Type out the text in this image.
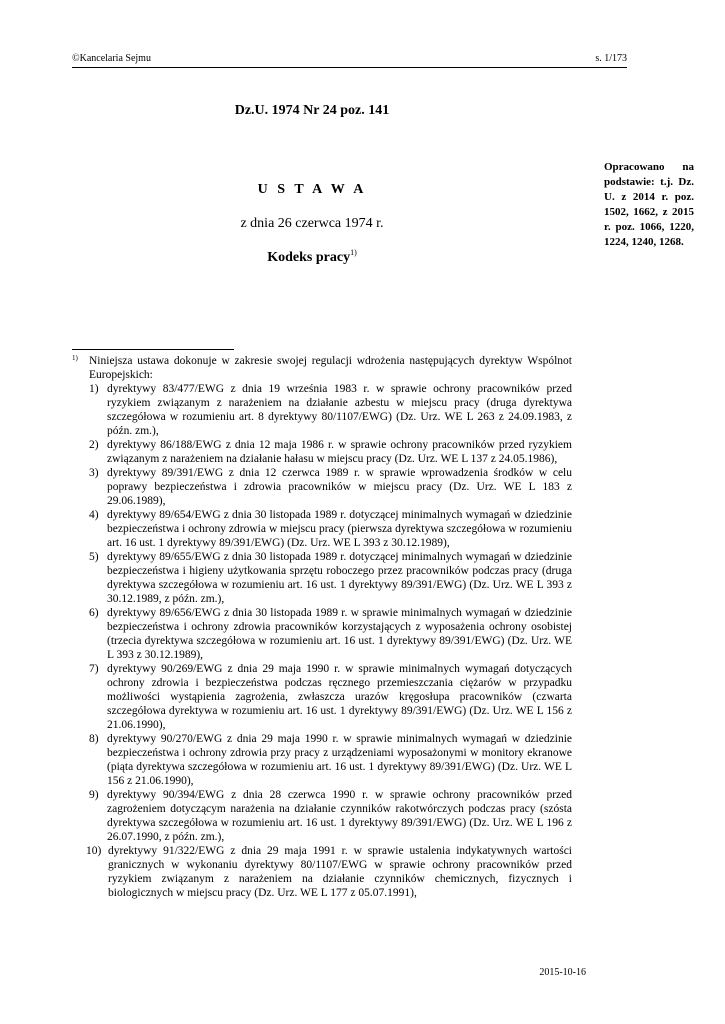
©Kancelaria Sejmu	s. 1/173
Dz.U. 1974 Nr 24 poz. 141
Opracowano na podstawie: t.j. Dz. U. z 2014 r. poz. 1502, 1662, z 2015 r. poz. 1066, 1220, 1224, 1240, 1268.
U S T A W A
z dnia 26 czerwca 1974 r.
Kodeks pracy$^{1)}$
1) Niniejsza ustawa dokonuje w zakresie swojej regulacji wdrożenia następujących dyrektyw Wspólnot Europejskich:
1) dyrektywy 83/477/EWG z dnia 19 września 1983 r. w sprawie ochrony pracowników przed ryzykiem związanym z narażeniem na działanie azbestu w miejscu pracy (druga dyrektywa szczegółowa w rozumieniu art. 8 dyrektywy 80/1107/EWG) (Dz. Urz. WE L 263 z 24.09.1983, z późn. zm.),
2) dyrektywy 86/188/EWG z dnia 12 maja 1986 r. w sprawie ochrony pracowników przed ryzykiem związanym z narażeniem na działanie hałasu w miejscu pracy (Dz. Urz. WE L 137 z 24.05.1986),
3) dyrektywy 89/391/EWG z dnia 12 czerwca 1989 r. w sprawie wprowadzenia środków w celu poprawy bezpieczeństwa i zdrowia pracowników w miejscu pracy (Dz. Urz. WE L 183 z 29.06.1989),
4) dyrektywy 89/654/EWG z dnia 30 listopada 1989 r. dotyczącej minimalnych wymagań w dziedzinie bezpieczeństwa i ochrony zdrowia w miejscu pracy (pierwsza dyrektywa szczegółowa w rozumieniu art. 16 ust. 1 dyrektywy 89/391/EWG) (Dz. Urz. WE L 393 z 30.12.1989),
5) dyrektywy 89/655/EWG z dnia 30 listopada 1989 r. dotyczącej minimalnych wymagań w dziedzinie bezpieczeństwa i higieny użytkowania sprzętu roboczego przez pracowników podczas pracy (druga dyrektywa szczegółowa w rozumieniu art. 16 ust. 1 dyrektywy 89/391/EWG) (Dz. Urz. WE L 393 z 30.12.1989, z późn. zm.),
6) dyrektywy 89/656/EWG z dnia 30 listopada 1989 r. w sprawie minimalnych wymagań w dziedzinie bezpieczeństwa i ochrony zdrowia pracowników korzystających z wyposażenia ochrony osobistej (trzecia dyrektywa szczegółowa w rozumieniu art. 16 ust. 1 dyrektywy 89/391/EWG) (Dz. Urz. WE L 393 z 30.12.1989),
7) dyrektywy 90/269/EWG z dnia 29 maja 1990 r. w sprawie minimalnych wymagań dotyczących ochrony zdrowia i bezpieczeństwa podczas ręcznego przemieszczania ciężarów w przypadku możliwości wystąpienia zagrożenia, zwłaszcza urazów kręgosłupa pracowników (czwarta szczegółowa dyrektywa w rozumieniu art. 16 ust. 1 dyrektywy 89/391/EWG) (Dz. Urz. WE L 156 z 21.06.1990),
8) dyrektywy 90/270/EWG z dnia 29 maja 1990 r. w sprawie minimalnych wymagań w dziedzinie bezpieczeństwa i ochrony zdrowia przy pracy z urządzeniami wyposażonymi w monitory ekranowe (piąta dyrektywa szczegółowa w rozumieniu art. 16 ust. 1 dyrektywy 89/391/EWG) (Dz. Urz. WE L 156 z 21.06.1990),
9) dyrektywy 90/394/EWG z dnia 28 czerwca 1990 r. w sprawie ochrony pracowników przed zagrożeniem dotyczącym narażenia na działanie czynników rakotwórczych podczas pracy (szósta dyrektywa szczegółowa w rozumieniu art. 16 ust. 1 dyrektywy 89/391/EWG) (Dz. Urz. WE L 196 z 26.07.1990, z późn. zm.),
10) dyrektywy 91/322/EWG z dnia 29 maja 1991 r. w sprawie ustalenia indykatywnych wartości granicznych w wykonaniu dyrektywy 80/1107/EWG w sprawie ochrony pracowników przed ryzykiem związanym z narażeniem na działanie czynników chemicznych, fizycznych i biologicznych w miejscu pracy (Dz. Urz. WE L 177 z 05.07.1991),
2015-10-16
